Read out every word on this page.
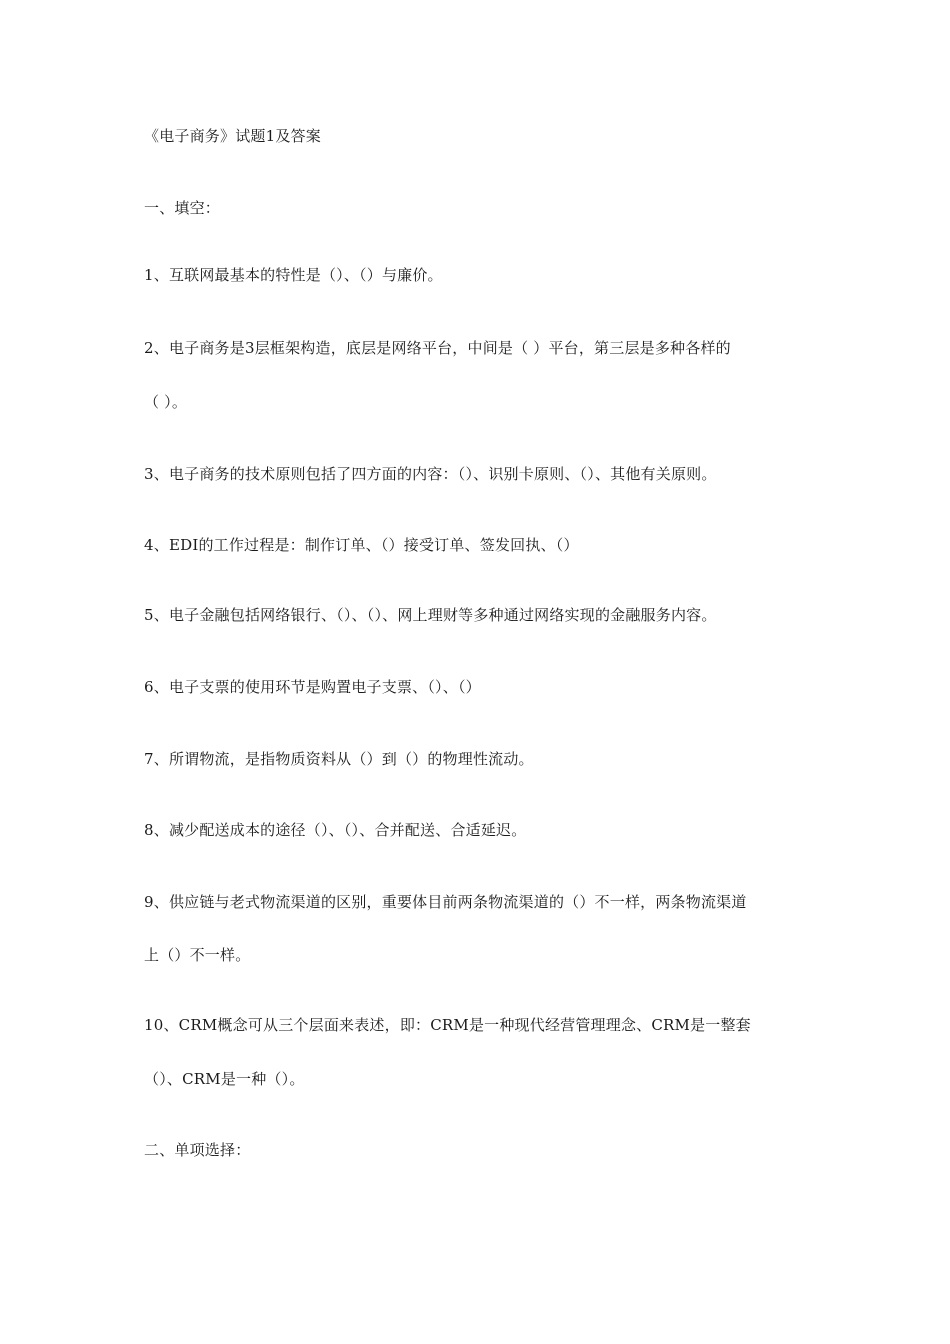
《电子商务》试题1及答案
一、填空：
1、互联网最基本的特性是（）、（）与廉价。
2、电子商务是3层框架构造，底层是网络平台，中间是（ ）平台，第三层是多种各样的
（ ）。
3、电子商务的技术原则包括了四方面的内容：（）、识别卡原则、（）、其他有关原则。
4、EDI的工作过程是：制作订单、（）接受订单、签发回执、（）
5、电子金融包括网络银行、（）、（）、网上理财等多种通过网络实现的金融服务内容。
6、电子支票的使用环节是购置电子支票、（）、（）
7、所谓物流，是指物质资料从（）到（）的物理性流动。
8、减少配送成本的途径（）、（）、合并配送、合适延迟。
9、供应链与老式物流渠道的区别，重要体目前两条物流渠道的（）不一样，两条物流渠道
上（）不一样。
10、CRM概念可从三个层面来表述，即：CRM是一种现代经营管理理念、CRM是一整套
（）、CRM是一种（）。
二、单项选择：
